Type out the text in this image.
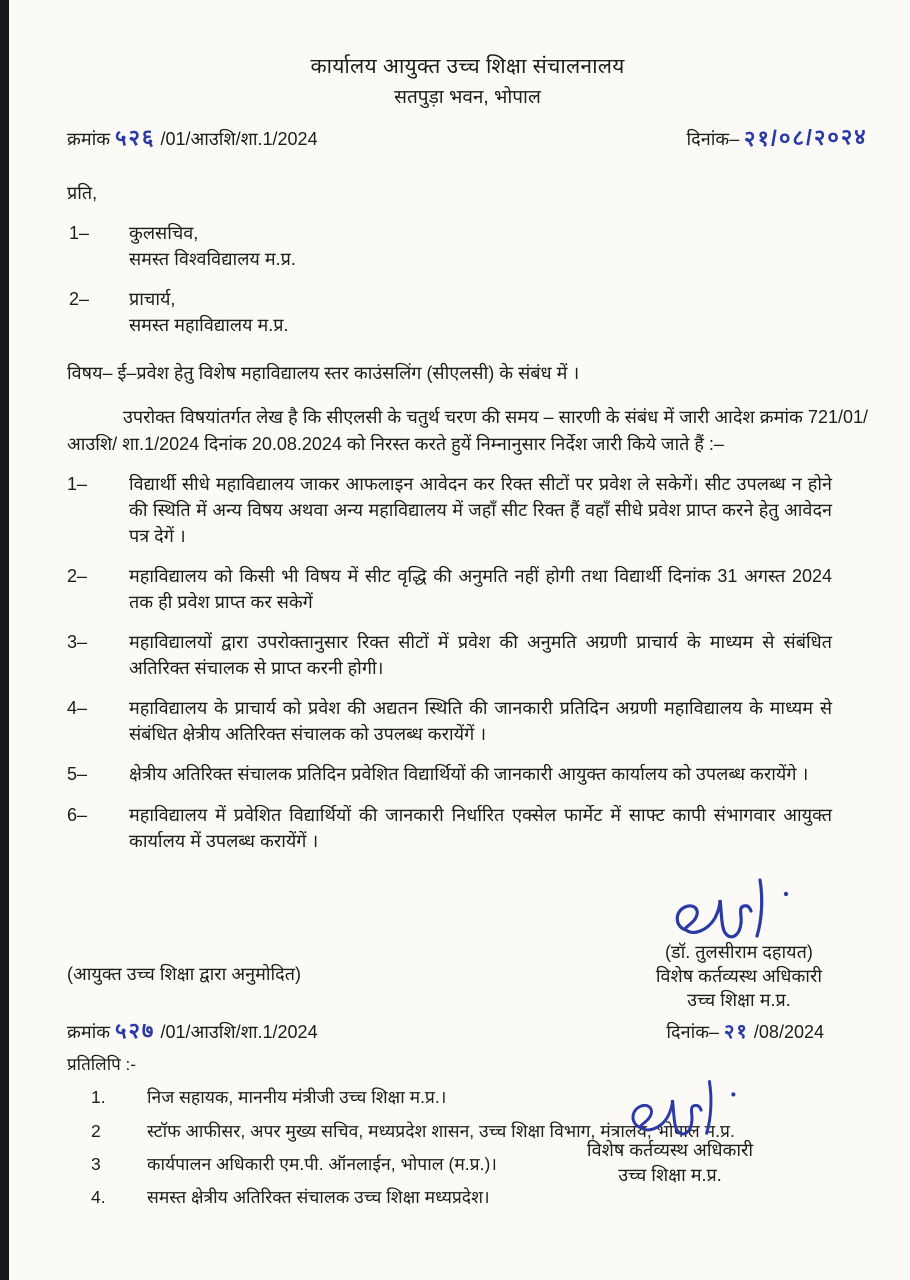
कार्यालय आयुक्त उच्च शिक्षा संचालनालय
सतपुड़ा भवन, भोपाल
क्रमांक ५२६ /01/आउशि/शा.1/2024	दिनांक– २१/०८/२०२४
प्रति,
1–	कुलसचिव,
समस्त विश्वविद्यालय म.प्र.
2–	प्राचार्य,
समस्त महाविद्यालय म.प्र.
विषय– ई–प्रवेश हेतु विशेष महाविद्यालय स्तर काउंसलिंग (सीएलसी) के संबंध में ।
उपरोक्त विषयांतर्गत लेख है कि सीएलसी के चतुर्थ चरण की समय – सारणी के संबंध में जारी आदेश क्रमांक 721/01/आउशि/ शा.1/2024 दिनांक 20.08.2024 को निरस्त करते हुयें निम्नानुसार निर्देश जारी किये जाते हैं :–
1–	विद्यार्थी सीधे महाविद्यालय जाकर आफलाइन आवेदन कर रिक्त सीटों पर प्रवेश ले सकेगें। सीट उपलब्ध न होने की स्थिति में अन्य विषय अथवा अन्य महाविद्यालय में जहाँ सीट रिक्त हैं वहाँ सीधे प्रवेश प्राप्त करने हेतु आवेदन पत्र देगें ।
2–	महाविद्यालय को किसी भी विषय में सीट वृद्धि की अनुमति नहीं होगी तथा विद्यार्थी दिनांक 31 अगस्त 2024 तक ही प्रवेश प्राप्त कर सकेगें
3–	महाविद्यालयों द्वारा उपरोक्तानुसार रिक्त सीटों में प्रवेश की अनुमति अग्रणी प्राचार्य के माध्यम से संबंधित अतिरिक्त संचालक से प्राप्त करनी होगी।
4–	महाविद्यालय के प्राचार्य को प्रवेश की अद्यतन स्थिति की जानकारी प्रतिदिन अग्रणी महाविद्यालय के माध्यम से संबंधित क्षेत्रीय अतिरिक्त संचालक को उपलब्ध करायेंगें ।
5–	क्षेत्रीय अतिरिक्त संचालक प्रतिदिन प्रवेशित विद्यार्थियों की जानकारी आयुक्त कार्यालय को उपलब्ध करायेंगे ।
6–	महाविद्यालय में प्रवेशित विद्यार्थियों की जानकारी निर्धारित एक्सेल फार्मेट में साफ्ट कापी संभागवार आयुक्त कार्यालय में उपलब्ध करायेंगें ।
(आयुक्त उच्च शिक्षा द्वारा अनुमोदित)
(डॉ. तुलसीराम दहायत)
विशेष कर्तव्यस्थ अधिकारी
उच्च शिक्षा म.प्र.
क्रमांक ५२७ /01/आउशि/शा.1/2024	दिनांक– २१ /08/2024
प्रतिलिपि :-
1.	निज सहायक, माननीय मंत्रीजी उच्च शिक्षा म.प्र.।
2	स्टॉफ आफीसर, अपर मुख्य सचिव, मध्यप्रदेश शासन, उच्च शिक्षा विभाग, मंत्रालय, भोपाल म.प्र.
3	कार्यपालन अधिकारी एम.पी. ऑनलाईन, भोपाल (म.प्र.)।
4.	समस्त क्षेत्रीय अतिरिक्त संचालक उच्च शिक्षा मध्यप्रदेश।
विशेष कर्तव्यस्थ अधिकारी
उच्च शिक्षा म.प्र.
